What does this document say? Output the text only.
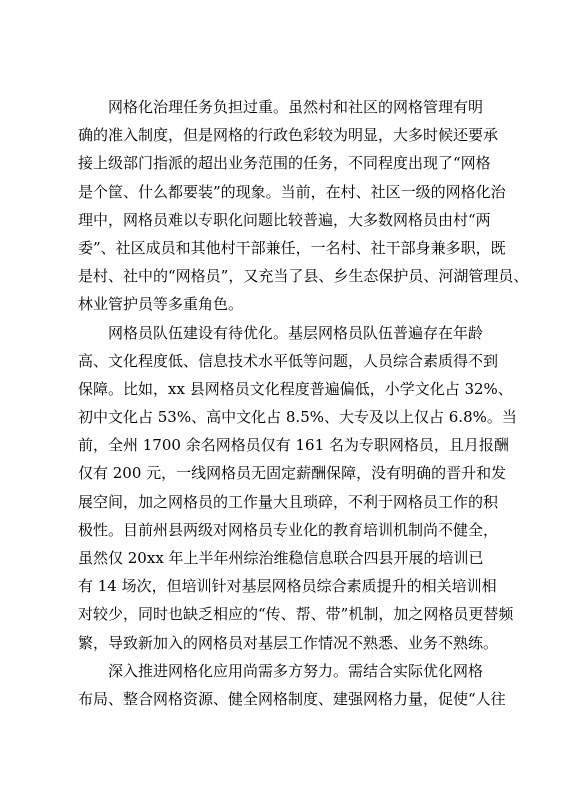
网格化治理任务负担过重。虽然村和社区的网格管理有明
确的准入制度，但是网格的行政色彩较为明显，大多时候还要承
接上级部门指派的超出业务范围的任务，不同程度出现了“网格
是个筐、什么都要装”的现象。当前，在村、社区一级的网格化治
理中，网格员难以专职化问题比较普遍，大多数网格员由村“两
委”、社区成员和其他村干部兼任，一名村、社干部身兼多职，既
是村、社中的“网格员”，又充当了县、乡生态保护员、河湖管理员、
林业管护员等多重角色。
网格员队伍建设有待优化。基层网格员队伍普遍存在年龄
高、文化程度低、信息技术水平低等问题，人员综合素质得不到
保障。比如，xx 县网格员文化程度普遍偏低，小学文化占 32%、
初中文化占 53%、高中文化占 8.5%、大专及以上仅占 6.8%。当
前，全州 1700 余名网格员仅有 161 名为专职网格员，且月报酬
仅有 200 元，一线网格员无固定薪酬保障，没有明确的晋升和发
展空间，加之网格员的工作量大且琐碎，不利于网格员工作的积
极性。目前州县两级对网格员专业化的教育培训机制尚不健全，
虽然仅 20xx 年上半年州综治维稳信息联合四县开展的培训已
有 14 场次，但培训针对基层网格员综合素质提升的相关培训相
对较少，同时也缺乏相应的“传、帮、带”机制，加之网格员更替频
繁，导致新加入的网格员对基层工作情况不熟悉、业务不熟练。
深入推进网格化应用尚需多方努力。需结合实际优化网格
布局、整合网格资源、健全网格制度、建强网格力量，促使“人往
